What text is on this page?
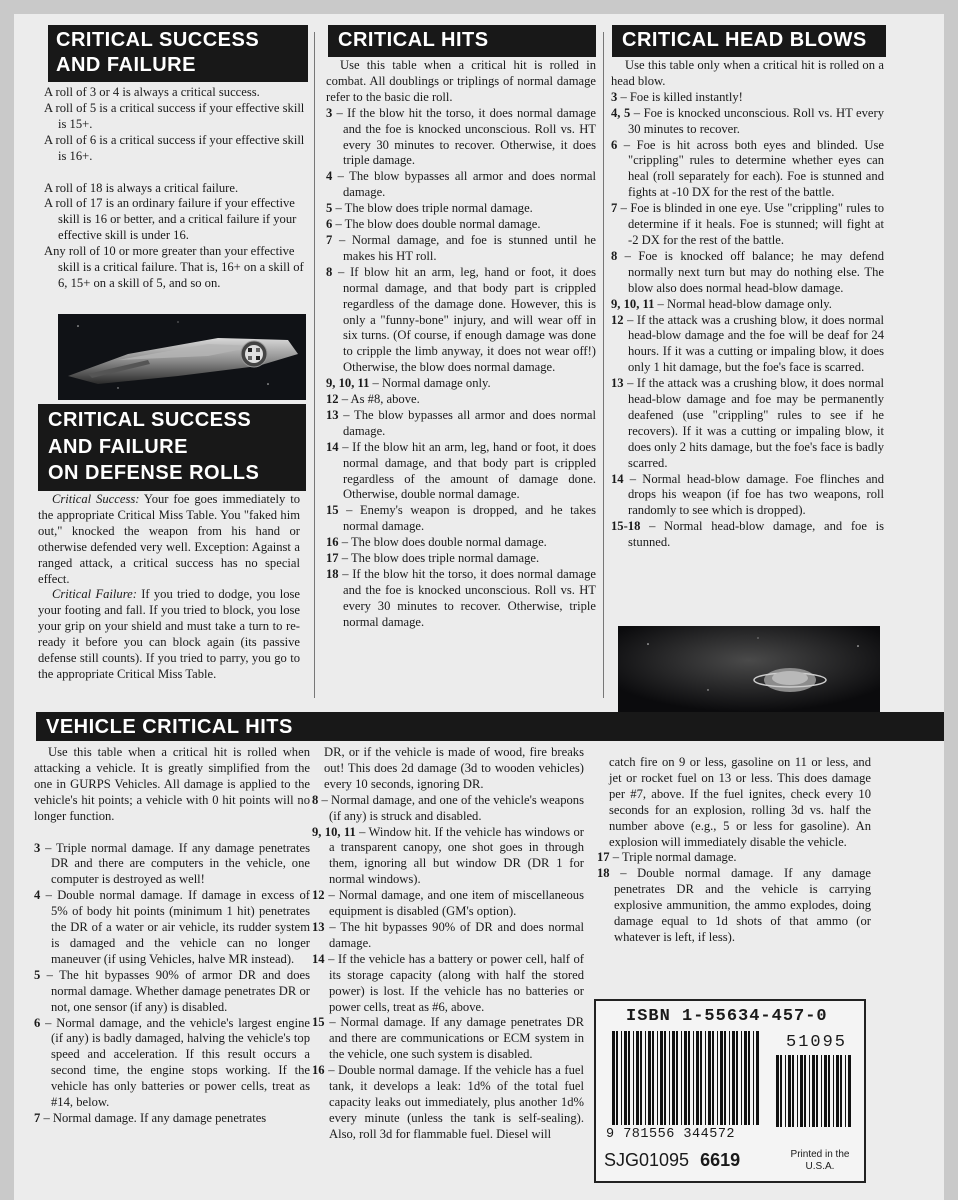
CRITICAL SUCCESS
AND FAILURE

A roll of 3 or 4 is always a critical success.

A roll of 5 is a critical success if your effective skill is 15+.

A roll of 6 is a critical success if your effective skill is 16+.

A roll of 18 is always a critical failure.

A roll of 17 is an ordinary failure if your effective skill is 16 or better, and a critical failure if your effective skill is under 16.

Any roll of 10 or more greater than your effective skill is a critical failure. That is, 16+ on a skill of 6, 15+ on a skill of 5, and so on.

CRITICAL SUCCESS
AND FAILURE
ON DEFENSE ROLLS

Critical Success: Your foe goes immediately to the appropriate Critical Miss Table. You "faked him out," knocked the weapon from his hand or otherwise defended very well. Exception: Against a ranged attack, a critical success has no special effect.

Critical Failure: If you tried to dodge, you lose your footing and fall. If you tried to block, you lose your grip on your shield and must take a turn to re-ready it before you can block again (its passive defense still counts). If you tried to parry, you go to the appropriate Critical Miss Table.

CRITICAL HITS

Use this table when a critical hit is rolled in combat. All doublings or triplings of normal damage refer to the basic die roll.

3 – If the blow hit the torso, it does normal damage and the foe is knocked unconscious. Roll vs. HT every 30 minutes to recover. Otherwise, it does triple damage.

4 – The blow bypasses all armor and does normal damage.

5 – The blow does triple normal damage.

6 – The blow does double normal damage.

7 – Normal damage, and foe is stunned until he makes his HT roll.

8 – If blow hit an arm, leg, hand or foot, it does normal damage, and that body part is crippled regardless of the damage done. However, this is only a "funny-bone" injury, and will wear off in six turns. (Of course, if enough damage was done to cripple the limb anyway, it does not wear off!) Otherwise, the blow does normal damage.

9, 10, 11 – Normal damage only.

12 – As #8, above.

13 – The blow bypasses all armor and does normal damage.

14 – If the blow hit an arm, leg, hand or foot, it does normal damage, and that body part is crippled regardless of the amount of damage done. Otherwise, double normal damage.

15 – Enemy's weapon is dropped, and he takes normal damage.

16 – The blow does double normal damage.

17 – The blow does triple normal damage.

18 – If the blow hit the torso, it does normal damage and the foe is knocked unconscious. Roll vs. HT every 30 minutes to recover. Otherwise, triple normal damage.

CRITICAL HEAD BLOWS

Use this table only when a critical hit is rolled on a head blow.

3 – Foe is killed instantly!

4, 5 – Foe is knocked unconscious. Roll vs. HT every 30 minutes to recover.

6 – Foe is hit across both eyes and blinded. Use "crippling" rules to determine whether eyes can heal (roll separately for each). Foe is stunned and fights at -10 DX for the rest of the battle.

7 – Foe is blinded in one eye. Use "crippling" rules to determine if it heals. Foe is stunned; will fight at -2 DX for the rest of the battle.

8 – Foe is knocked off balance; he may defend normally next turn but may do nothing else. The blow also does normal head-blow damage.

9, 10, 11 – Normal head-blow damage only.

12 – If the attack was a crushing blow, it does normal head-blow damage and the foe will be deaf for 24 hours. If it was a cutting or impaling blow, it does only 1 hit damage, but the foe's face is scarred.

13 – If the attack was a crushing blow, it does normal head-blow damage and foe may be permanently deafened (use "crippling" rules to see if he recovers). If it was a cutting or impaling blow, it does only 2 hits damage, but the foe's face is badly scarred.

14 – Normal head-blow damage. Foe flinches and drops his weapon (if foe has two weapons, roll randomly to see which is dropped).

15-18 – Normal head-blow damage, and foe is stunned.

VEHICLE CRITICAL HITS

Use this table when a critical hit is rolled when attacking a vehicle. It is greatly simplified from the one in GURPS Vehicles. All damage is applied to the vehicle's hit points; a vehicle with 0 hit points will no longer function.

3 – Triple normal damage. If any damage penetrates DR and there are computers in the vehicle, one computer is destroyed as well!

4 – Double normal damage. If damage in excess of 5% of body hit points (minimum 1 hit) penetrates the DR of a water or air vehicle, its rudder system is damaged and the vehicle can no longer maneuver (if using Vehicles, halve MR instead).

5 – The hit bypasses 90% of armor DR and does normal damage. Whether damage penetrates DR or not, one sensor (if any) is disabled.

6 – Normal damage, and the vehicle's largest engine (if any) is badly damaged, halving the vehicle's top speed and acceleration. If this result occurs a second time, the engine stops working. If the vehicle has only batteries or power cells, treat as #14, below.

7 – Normal damage. If any damage penetrates

DR, or if the vehicle is made of wood, fire breaks out! This does 2d damage (3d to wooden vehicles) every 10 seconds, ignoring DR.

8 – Normal damage, and one of the vehicle's weapons (if any) is struck and disabled.

9, 10, 11 – Window hit. If the vehicle has windows or a transparent canopy, one shot goes in through them, ignoring all but window DR (DR 1 for normal windows).

12 – Normal damage, and one item of miscellaneous equipment is disabled (GM's option).

13 – The hit bypasses 90% of DR and does normal damage.

14 – If the vehicle has a battery or power cell, half of its storage capacity (along with half the stored power) is lost. If the vehicle has no batteries or power cells, treat as #6, above.

15 – Normal damage. If any damage penetrates DR and there are communications or ECM system in the vehicle, one such system is disabled.

16 – Double normal damage. If the vehicle has a fuel tank, it develops a leak: 1d% of the total fuel capacity leaks out immediately, plus another 1d% every minute (unless the tank is self-sealing). Also, roll 3d for flammable fuel. Diesel will

catch fire on 9 or less, gasoline on 11 or less, and jet or rocket fuel on 13 or less. This does damage per #7, above. If the fuel ignites, check every 10 seconds for an explosion, rolling 3d vs. half the number above (e.g., 5 or less for gasoline). An explosion will immediately disable the vehicle.

17 – Triple normal damage.

18 – Double normal damage. If any damage penetrates DR and the vehicle is carrying explosive ammunition, the ammo explodes, doing damage equal to 1d shots of that ammo (or whatever is left, if less).

ISBN 1-55634-457-0
51095
9 781556 344572
SJG01095 6619	Printed in the U.S.A.
